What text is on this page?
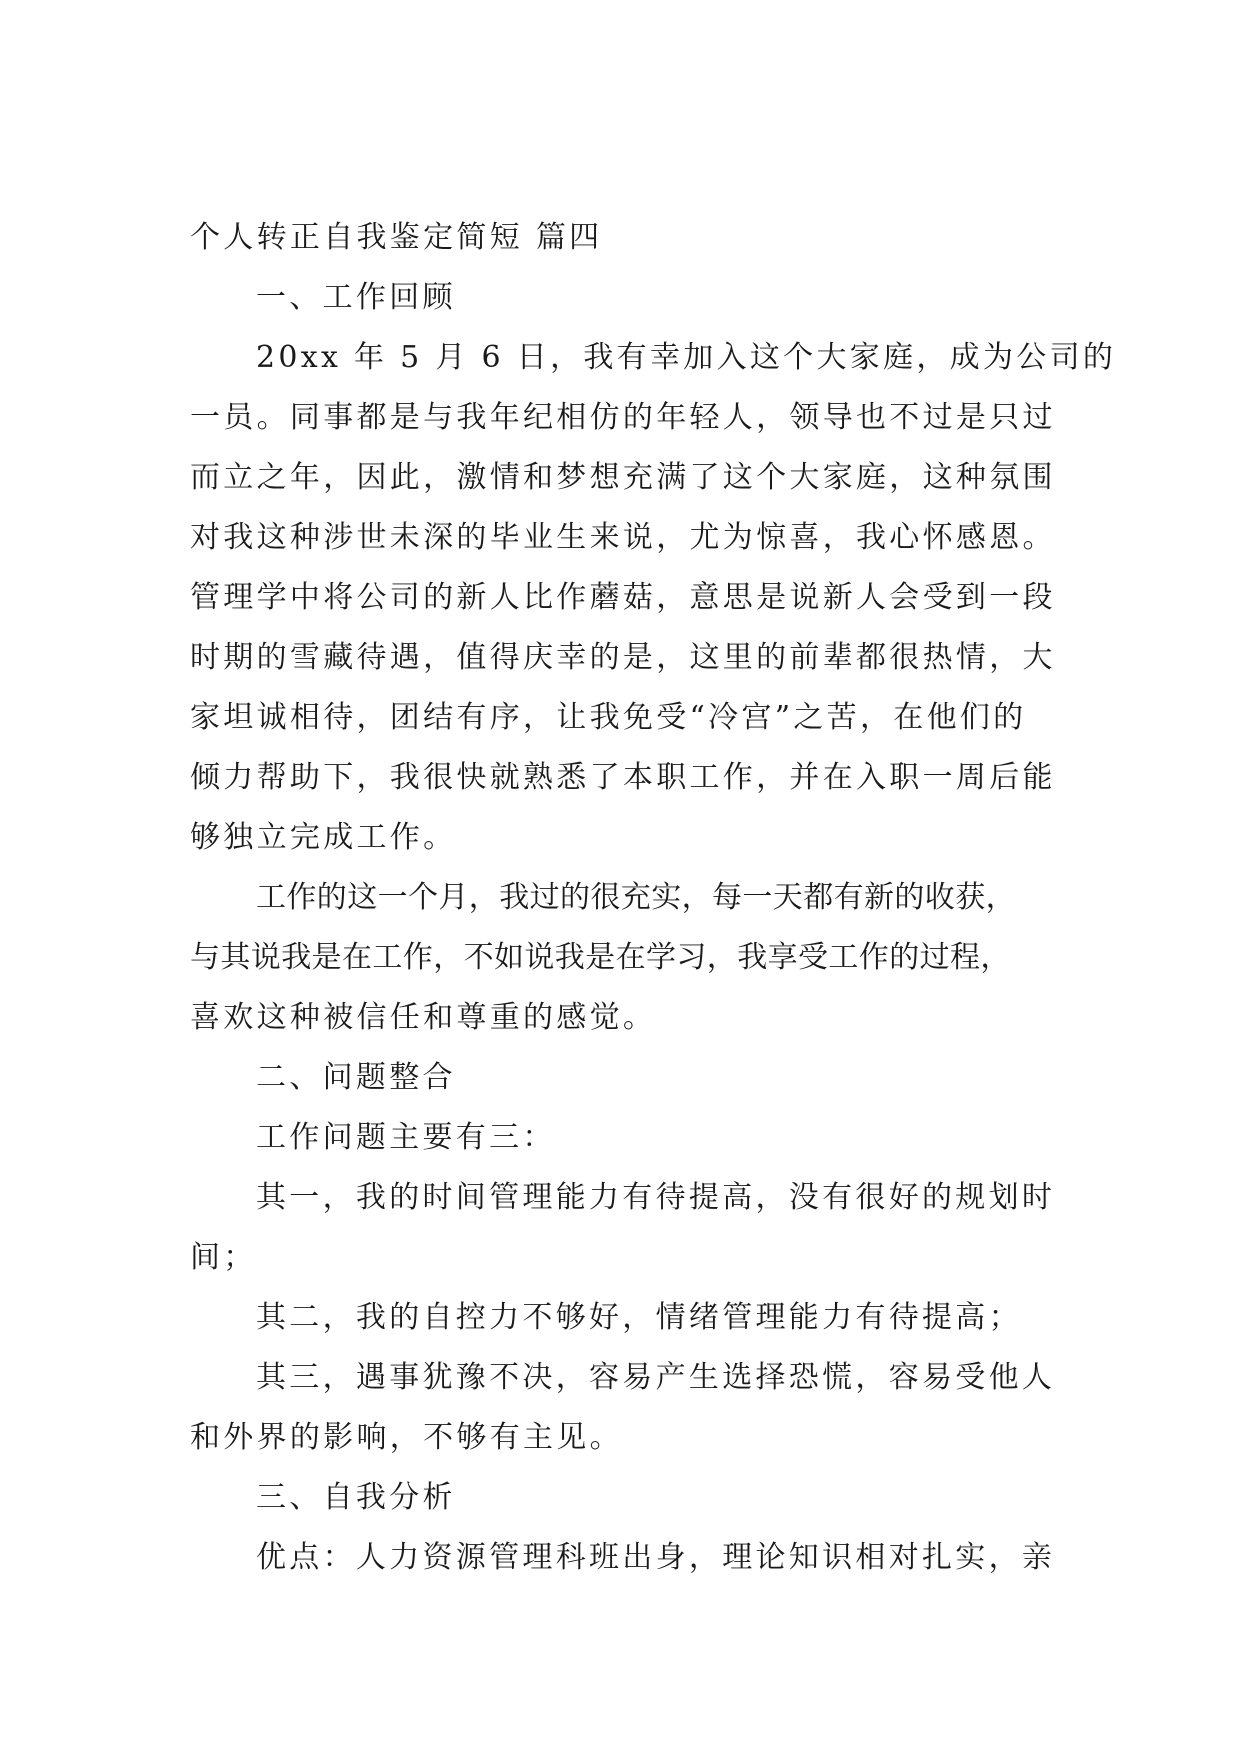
个人转正自我鉴定简短 篇四

一、工作回顾

20xx 年 5 月 6 日，我有幸加入这个大家庭，成为公司的

一员。同事都是与我年纪相仿的年轻人，领导也不过是只过

而立之年，因此，激情和梦想充满了这个大家庭，这种氛围

对我这种涉世未深的毕业生来说，尤为惊喜，我心怀感恩。

管理学中将公司的新人比作蘑菇，意思是说新人会受到一段

时期的雪藏待遇，值得庆幸的是，这里的前辈都很热情，大

家坦诚相待，团结有序，让我免受“冷宫”之苦，在他们的

倾力帮助下，我很快就熟悉了本职工作，并在入职一周后能

够独立完成工作。

工作的这一个月，我过的很充实，每一天都有新的收获，

与其说我是在工作，不如说我是在学习，我享受工作的过程，

喜欢这种被信任和尊重的感觉。

二、问题整合

工作问题主要有三：

其一，我的时间管理能力有待提高，没有很好的规划时

间；

其二，我的自控力不够好，情绪管理能力有待提高；

其三，遇事犹豫不决，容易产生选择恐慌，容易受他人

和外界的影响，不够有主见。

三、自我分析

优点：人力资源管理科班出身，理论知识相对扎实，亲
